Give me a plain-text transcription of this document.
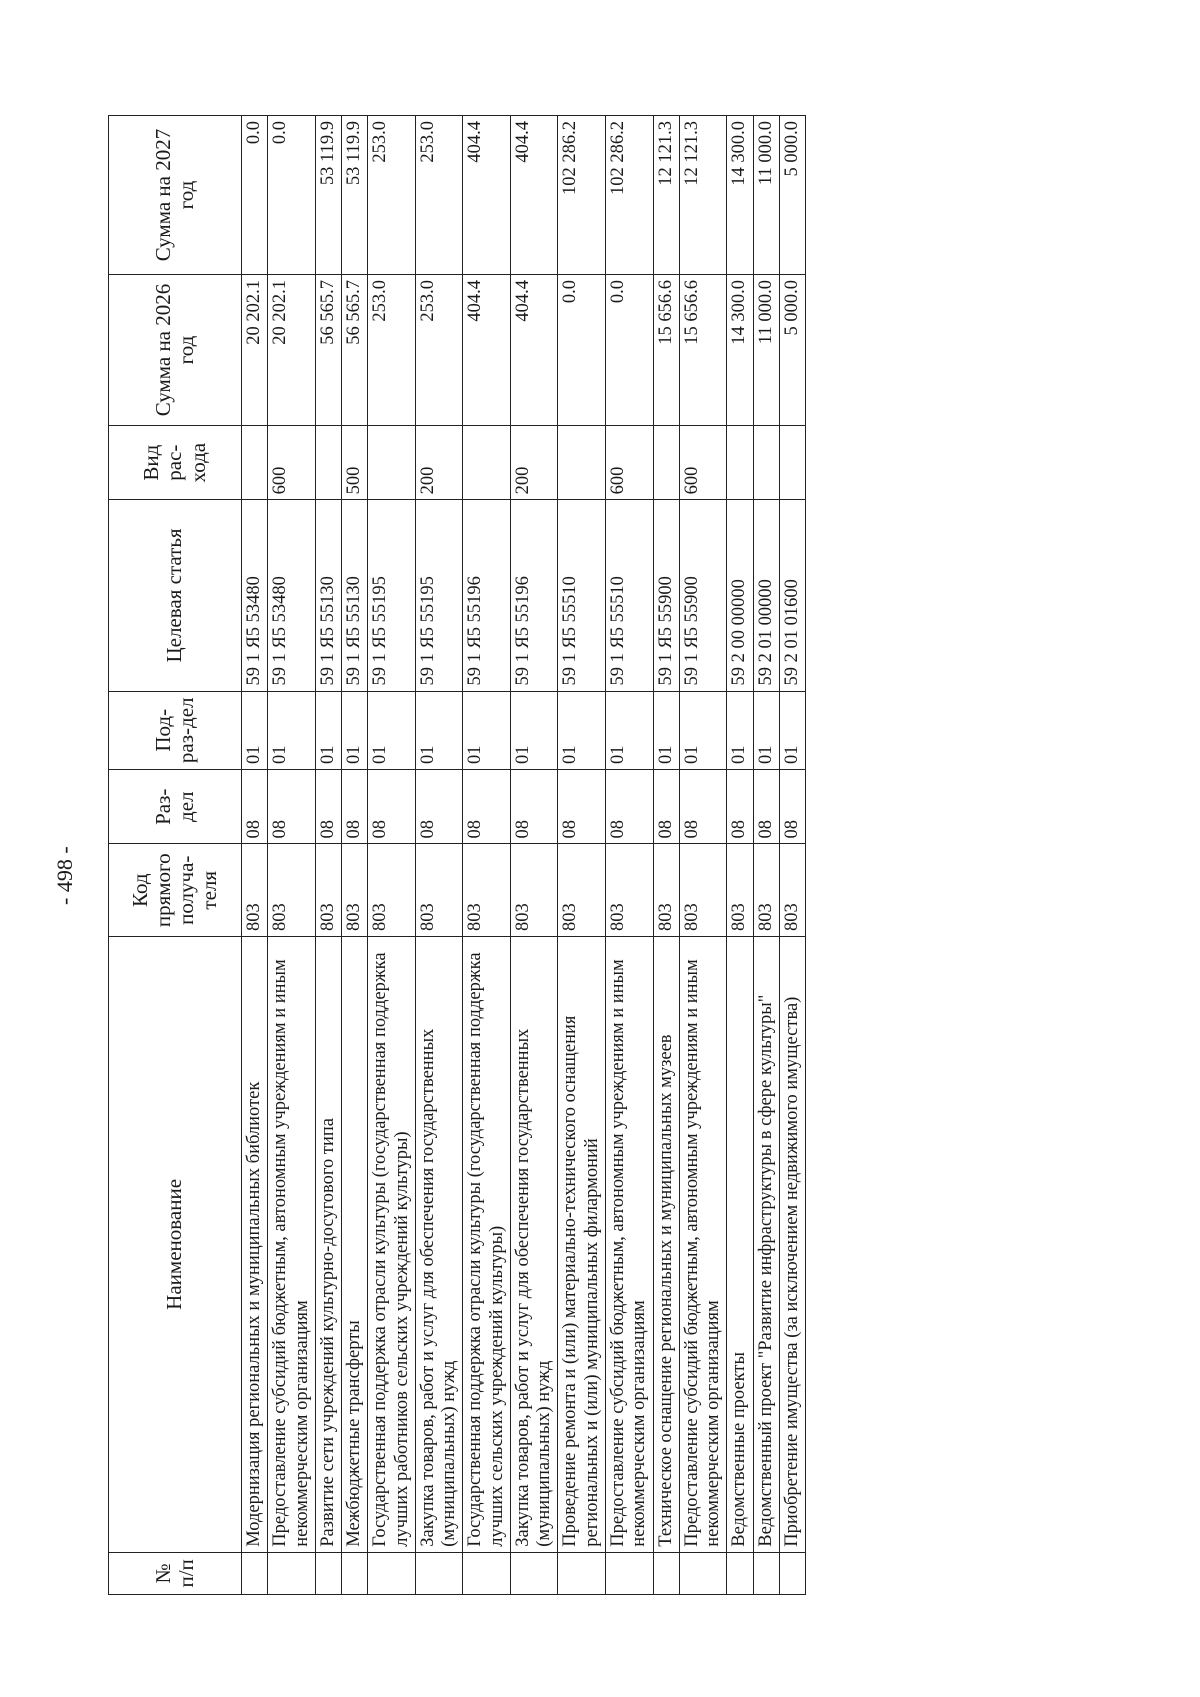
- 498 -
№ п/п	Наименование	Код прямого получа-теля	Раз-дел	Под-раз-дел	Целевая статья	Вид рас-хода	Сумма на 2026 год	Сумма на 2027 год
	Модернизация региональных и муниципальных библиотек	803	08	01	59 1 Я5 53480		20 202.1	0.0
	Предоставление субсидий бюджетным, автономным учреждениям и иным некоммерческим организациям	803	08	01	59 1 Я5 53480	600	20 202.1	0.0
	Развитие сети учреждений культурно-досугового типа	803	08	01	59 1 Я5 55130		56 565.7	53 119.9
	Межбюджетные трансферты	803	08	01	59 1 Я5 55130	500	56 565.7	53 119.9
	Государственная поддержка отрасли культуры (государственная поддержка лучших работников сельских учреждений культуры)	803	08	01	59 1 Я5 55195		253.0	253.0
	Закупка товаров, работ и услуг для обеспечения государственных (муниципальных) нужд	803	08	01	59 1 Я5 55195	200	253.0	253.0
	Государственная поддержка отрасли культуры (государственная поддержка лучших сельских учреждений культуры)	803	08	01	59 1 Я5 55196		404.4	404.4
	Закупка товаров, работ и услуг для обеспечения государственных (муниципальных) нужд	803	08	01	59 1 Я5 55196	200	404.4	404.4
	Проведение ремонта и (или) материально-технического оснащения региональных и (или) муниципальных филармоний	803	08	01	59 1 Я5 55510		0.0	102 286.2
	Предоставление субсидий бюджетным, автономным учреждениям и иным некоммерческим организациям	803	08	01	59 1 Я5 55510	600	0.0	102 286.2
	Техническое оснащение региональных и муниципальных музеев	803	08	01	59 1 Я5 55900		15 656.6	12 121.3
	Предоставление субсидий бюджетным, автономным учреждениям и иным некоммерческим организациям	803	08	01	59 1 Я5 55900	600	15 656.6	12 121.3
	Ведомственные проекты	803	08	01	59 2 00 00000		14 300.0	14 300.0
	Ведомственный проект "Развитие инфраструктуры в сфере культуры"	803	08	01	59 2 01 00000		11 000.0	11 000.0
	Приобретение имущества (за исключением недвижимого имущества)	803	08	01	59 2 01 01600		5 000.0	5 000.0
